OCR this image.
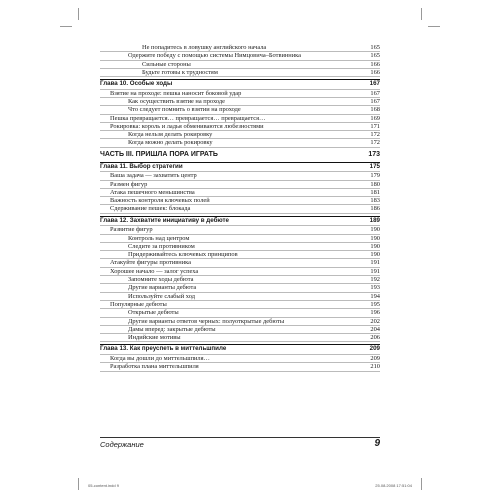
Не попадитесь в ловушку английского начала	165
Одержите победу с помощью системы Нимцовича–Ботвинника	165
Сильные стороны	166
Будьте готовы к трудностям	166
Глава 10. Особые ходы	167
Взятие на проходе: пешка наносит боковой удар	167
Как осуществить взятие на проходе	167
Что следует помнить о взятии на проходе	168
Пешка превращается… превращается… превращается…	169
Рокировка: король и ладья обмениваются любезностями	171
Когда нельзя делать рокировку	172
Когда можно делать рокировку	172
ЧАСТЬ III. ПРИШЛА ПОРА ИГРАТЬ	173
Глава 11. Выбор стратегии	175
Ваша задача — захватить центр	179
Размен фигур	180
Атака пешечного меньшинства	181
Важность контроля ключевых полей	183
Сдерживание пешек: блокада	186
Глава 12. Захватите инициативу в дебюте	189
Развитие фигур	190
Контроль над центром	190
Следите за противником	190
Придерживайтесь ключевых принципов	190
Атакуйте фигуры противника	191
Хорошее начало — залог успеха	191
Запомните ходы дебюта	192
Другие варианты дебюта	193
Используйте слабый ход	194
Популярные дебюты	195
Открытые дебюты	196
Другие варианты ответов черных: полуоткрытые дебюты	202
Дамы вперед: закрытые дебюты	204
Индийские мотивы	206
Глава 13. Как преуспеть в миттельшпиле	209
Когда вы дошли до миттельшпиля…	209
Разработка плана миттельшпиля	210
Содержание	9
05-content.indd 9	25.08.2008 17:51:04
